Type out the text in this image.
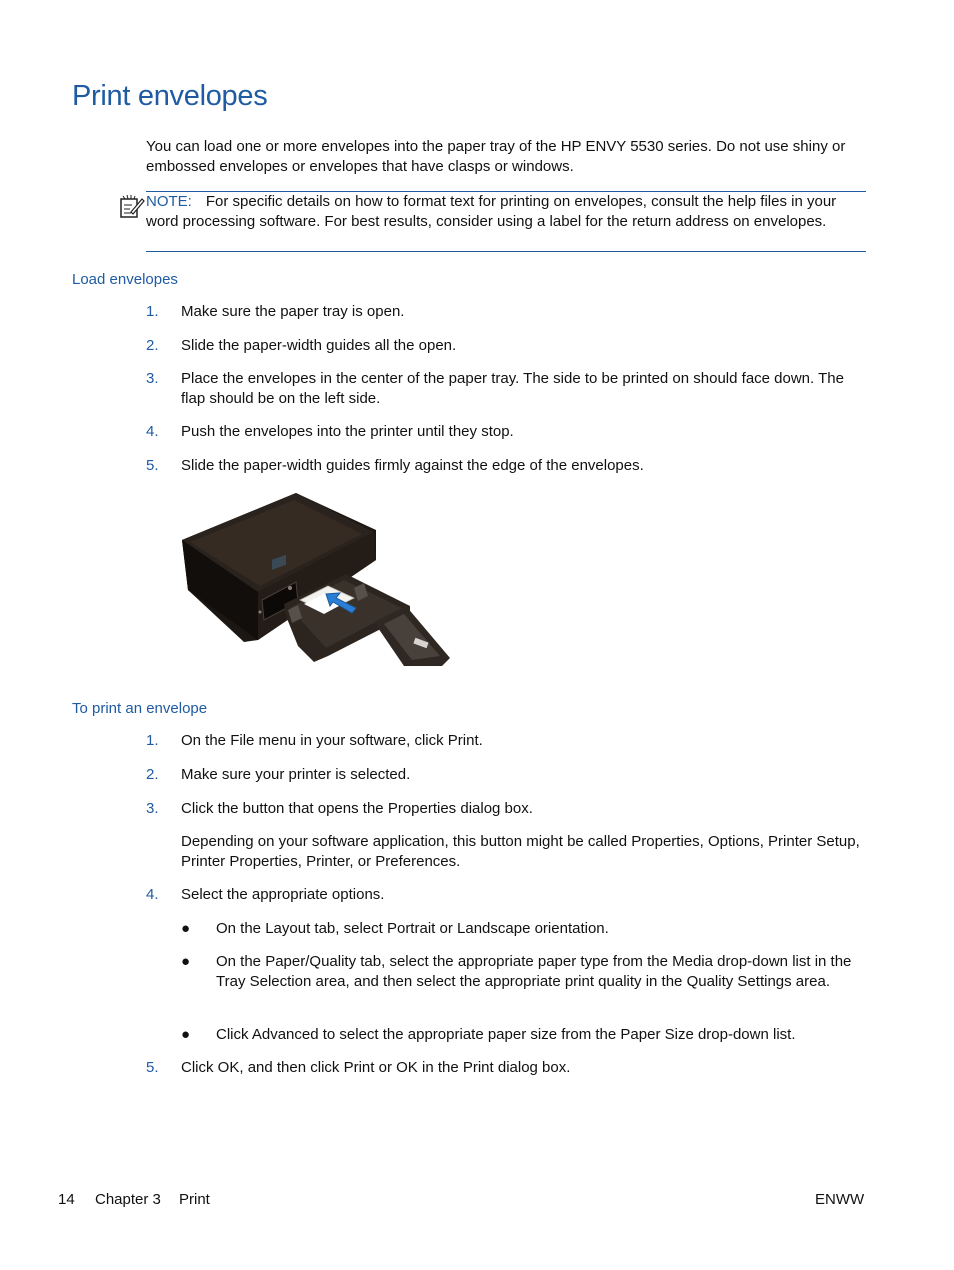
Print envelopes
You can load one or more envelopes into the paper tray of the HP ENVY 5530 series. Do not use shiny or embossed envelopes or envelopes that have clasps or windows.
NOTE: For specific details on how to format text for printing on envelopes, consult the help files in your word processing software. For best results, consider using a label for the return address on envelopes.
Load envelopes
1. Make sure the paper tray is open.
2. Slide the paper-width guides all the open.
3. Place the envelopes in the center of the paper tray. The side to be printed on should face down. The flap should be on the left side.
4. Push the envelopes into the printer until they stop.
5. Slide the paper-width guides firmly against the edge of the envelopes.
To print an envelope
1. On the File menu in your software, click Print.
2. Make sure your printer is selected.
3. Click the button that opens the Properties dialog box.
Depending on your software application, this button might be called Properties, Options, Printer Setup, Printer Properties, Printer, or Preferences.
4. Select the appropriate options.
● On the Layout tab, select Portrait or Landscape orientation.
● On the Paper/Quality tab, select the appropriate paper type from the Media drop-down list in the Tray Selection area, and then select the appropriate print quality in the Quality Settings area.
● Click Advanced to select the appropriate paper size from the Paper Size drop-down list.
5. Click OK, and then click Print or OK in the Print dialog box.
14 Chapter 3 Print	ENWW
